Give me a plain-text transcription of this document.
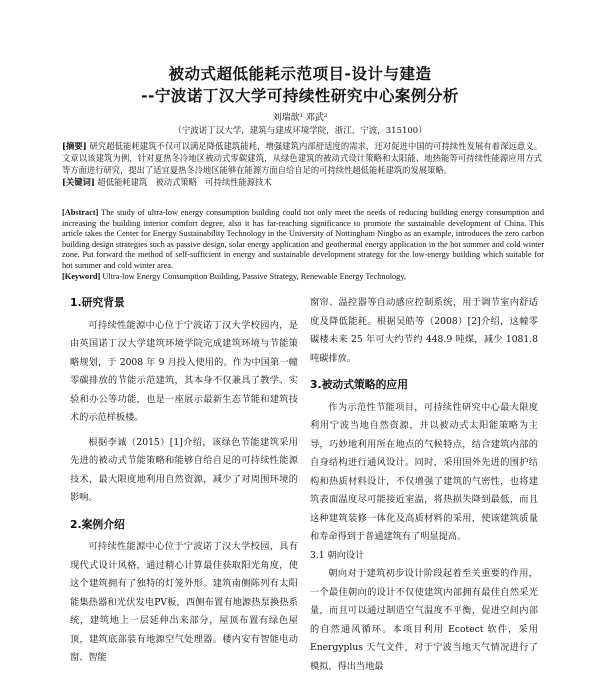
被动式超低能耗示范项目-设计与建造
--宁波诺丁汉大学可持续性研究中心案例分析
刘瑞歆¹ 邓武²
（宁波诺丁汉大学，建筑与建成环境学院，浙江，宁波，315100）
[摘要] 研究超低能耗建筑不仅可以满足降低建筑能耗，增强建筑内部舒适度的需求，还对促进中国的可持续性发展有着深远意义。文章以该建筑为例，针对夏热冬冷地区被动式零碳建筑，从绿色建筑的被动式设计策略和太阳能、地热能等可持续性能源应用方式等方面进行研究，提出了适宜夏热冬冷地区能够在能源方面自给自足的可持续性超低能耗建筑的发展策略。
[关键词] 超低能耗建筑　被动式策略　可持续性能源技术
[Abstract] The study of ultra-low energy consumption building could not only meet the needs of reducing building energy consumption and increasing the building interior comfort degree, also it has far-reaching significance to promote the sustainable development of China. This article takes the Center for Energy Sustainability Technology in the University of Nottingham Ningbo as an example, introduces the zero carbon building design strategies such as passive design, solar energy application and geothermal energy application in the hot summer and cold winter zone. Put forward the method of self-sufficient in energy and sustainable development strategy for the low-energy building which suitable for hot summer and cold winter area.
[Keyword] Ultra-low Energy Consumption Building, Passive Strategy, Renewable Energy Technology,
1.研究背景

可持续性能源中心位于宁波诺丁汉大学校园内，是由英国诺丁汉大学建筑环境学院完成建筑环境与节能策略规划，于 2008 年 9 月投入使用的。作为中国第一幢零碳排放的节能示范建筑，其本身不仅兼具了教学、实验和办公等功能，也是一座展示最新生态节能和建筑技术的示范样板楼。

根据李诚（2015）[1]介绍，该绿色节能建筑采用先进的被动式节能策略和能够自给自足的可持续性能源技术，最大限度地利用自然资源，减少了对周围环境的影响。

2.案例介绍

可持续性能源中心位于宁波诺丁汉大学校园，具有现代式设计风格，通过精心计算最佳获取阳光角度，使这个建筑拥有了独特的灯笼外形。建筑南侧陈列有太阳能集热器和光伏发电PV板，西侧布置有地源热泵换热系统，建筑地上一层延伸出来部分，屋顶布置有绿色屋顶，建筑底部装有地源空气处理器。楼内安有智能电动窗、智能

窗帘、温控器等自动感应控制系统，用于调节室内舒适度及降低能耗。根据吴皓等（2008）[2]介绍，这幢零碳楼未来 25 年可大约节约 448.9 吨煤，减少 1081.8 吨碳排放。

3.被动式策略的应用

作为示范性节能项目，可持续性研究中心最大限度利用宁波当地自然资源，并以被动式太阳能策略为主导，巧妙地利用所在地点的气候特点，结合建筑内部的自身结构进行通风设计。同时，采用国外先进的围护结构和热质材料设计，不仅增强了建筑的气密性，也将建筑表面温度尽可能接近室温，将热损失降到最低，而且这种建筑装修一体化及高质材料的采用，使该建筑质量和寿命得到于普通建筑有了明显提高。

3.1 朝向设计

朝向对于建筑初步设计阶段起着至关重要的作用，一个最佳朝向的设计不仅使建筑内部拥有最佳自然采光量，而且可以通过制造空气温度不平衡，促进空间内部的自然通风循环。本项目利用 Ecotect 软件，采用 Energyplus 天气文件，对于宁波当地天气情况进行了模拟，得出当地最
